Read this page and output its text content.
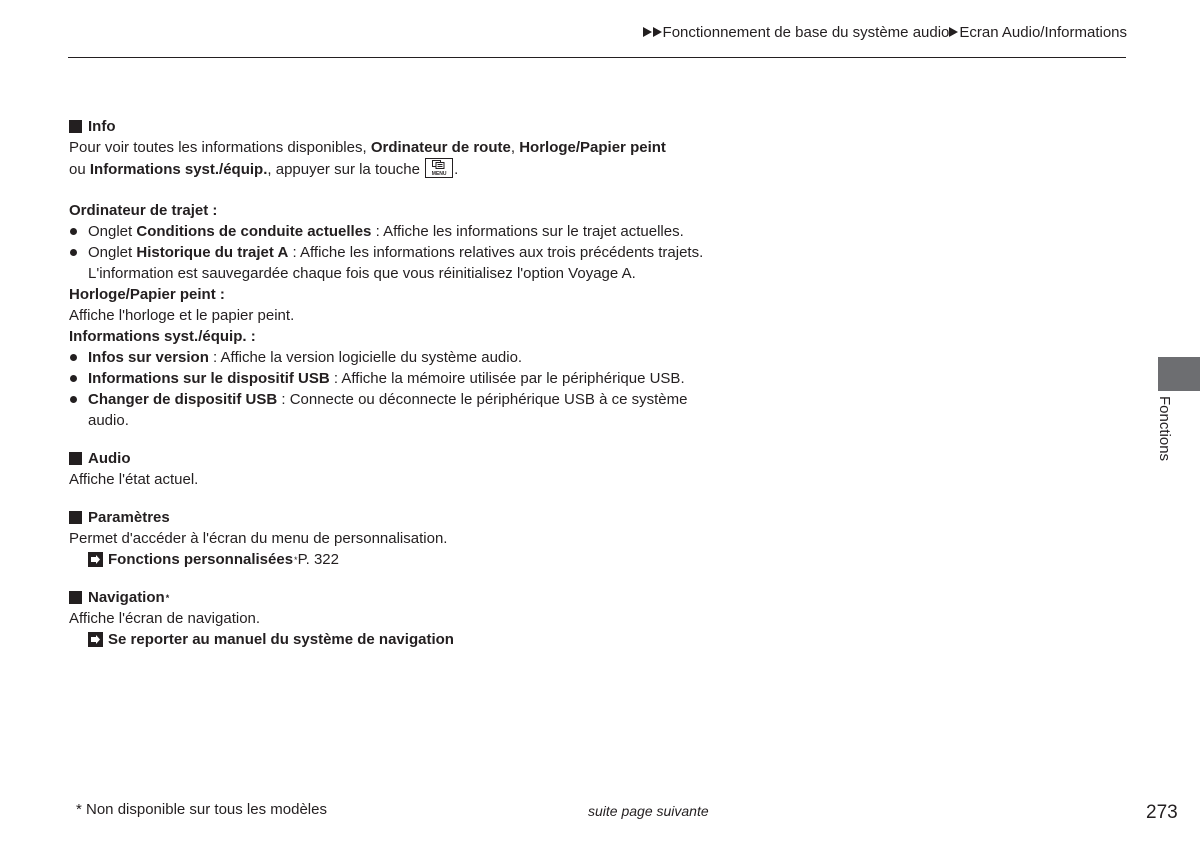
Fonctionnement de base du système audio Ecran Audio/Informations

Info

Pour voir toutes les informations disponibles, Ordinateur de route, Horloge/Papier peint

ou Informations syst./équip., appuyer sur la touche	MENU .

Ordinateur de trajet :

Onglet Conditions de conduite actuelles : Affiche les informations sur le trajet actuelles.

Onglet Historique du trajet A : Affiche les informations relatives aux trois précédents trajets. L'information est sauvegardée chaque fois que vous réinitialisez l'option Voyage A.

Horloge/Papier peint :

Affiche l'horloge et le papier peint.

Informations syst./équip. :

Infos sur version : Affiche la version logicielle du système audio.

Informations sur le dispositif USB : Affiche la mémoire utilisée par le périphérique USB.

Changer de dispositif USB : Connecte ou déconnecte le périphérique USB à ce système audio.

Audio

Affiche l'état actuel.

Paramètres

Permet d'accéder à l'écran du menu de personnalisation.

Fonctions personnalisées * P. 322

Navigation *

Affiche l'écran de navigation.

Se reporter au manuel du système de navigation

Fonctions
* Non disponible sur tous les modèles	suite page suivante	273
